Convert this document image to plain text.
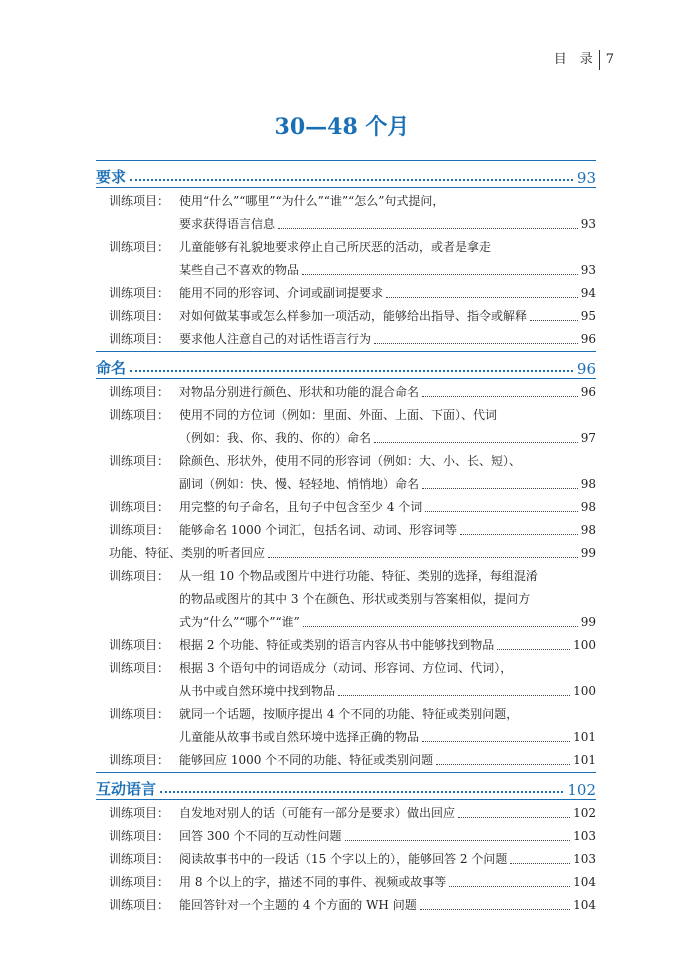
目　录 7
30—48 个月
要求	93
训练项目： 使用“什么”“哪里”“为什么”“谁”“怎么”句式提问，
要求获得语言信息	93
训练项目： 儿童能够有礼貌地要求停止自己所厌恶的活动，或者是拿走
某些自己不喜欢的物品	93
训练项目： 能用不同的形容词、介词或副词提要求	94
训练项目： 对如何做某事或怎么样参加一项活动，能够给出指导、指令或解释	95
训练项目： 要求他人注意自己的对话性语言行为	96
命名	96
训练项目： 对物品分别进行颜色、形状和功能的混合命名	96
训练项目： 使用不同的方位词（例如：里面、外面、上面、下面）、代词
（例如：我、你、我的、你的）命名	97
训练项目： 除颜色、形状外，使用不同的形容词（例如：大、小、长、短）、
副词（例如：快、慢、轻轻地、悄悄地）命名	98
训练项目： 用完整的句子命名，且句子中包含至少 4 个词	98
训练项目： 能够命名 1000 个词汇，包括名词、动词、形容词等	98
功能、特征、类别的听者回应	99
训练项目： 从一组 10 个物品或图片中进行功能、特征、类别的选择，每组混淆
的物品或图片的其中 3 个在颜色、形状或类别与答案相似，提问方
式为“什么”“哪个”“谁”	99
训练项目： 根据 2 个功能、特征或类别的语言内容从书中能够找到物品	100
训练项目： 根据 3 个语句中的词语成分（动词、形容词、方位词、代词），
从书中或自然环境中找到物品	100
训练项目： 就同一个话题，按顺序提出 4 个不同的功能、特征或类别问题，
儿童能从故事书或自然环境中选择正确的物品	101
训练项目： 能够回应 1000 个不同的功能、特征或类别问题	101
互动语言	102
训练项目： 自发地对别人的话（可能有一部分是要求）做出回应	102
训练项目： 回答 300 个不同的互动性问题	103
训练项目： 阅读故事书中的一段话（15 个字以上的），能够回答 2 个问题	103
训练项目： 用 8 个以上的字，描述不同的事件、视频或故事等	104
训练项目： 能回答针对一个主题的 4 个方面的 WH 问题	104
